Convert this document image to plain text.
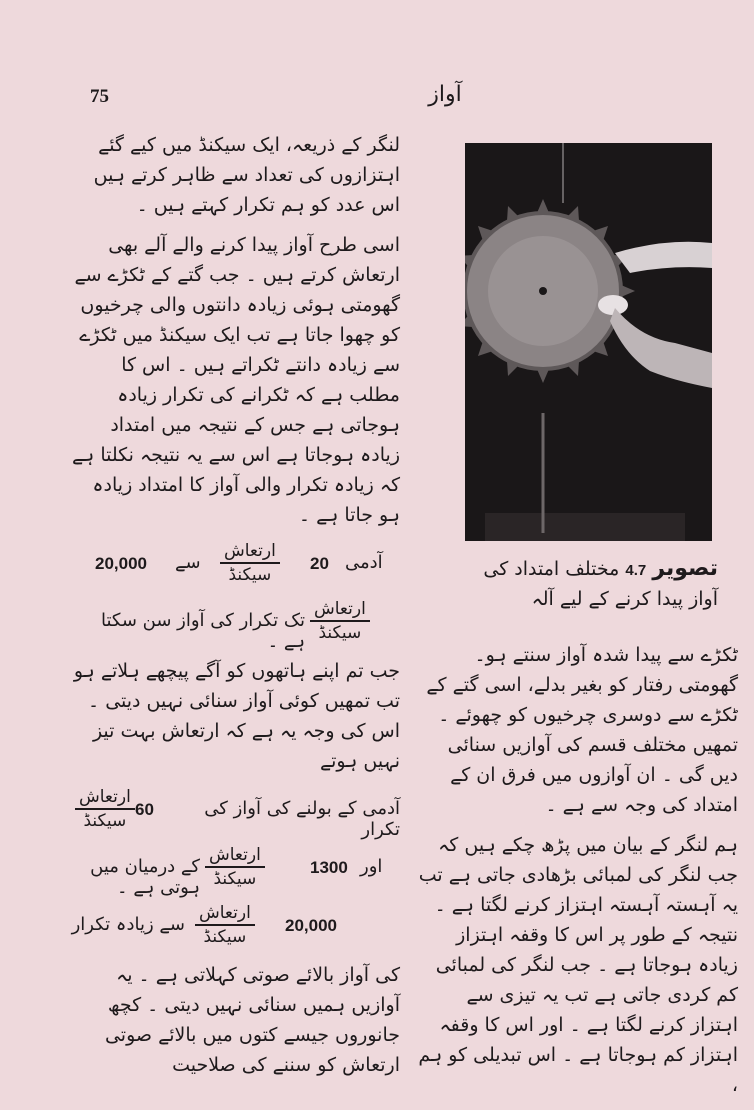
75	آواز

لنگر کے ذریعہ، ایک سیکنڈ میں کیے گئے اہتزازوں کی تعداد سے ظاہر کرتے ہیں اس عدد کو ہم تکرار کہتے ہیں ۔

اسی طرح آواز پیدا کرنے والے آلے بھی ارتعاش کرتے ہیں ۔ جب گتے کے ٹکڑے سے گھومتی ہوئی زیادہ دانتوں والی چرخیوں کو چھوا جاتا ہے تب ایک سیکنڈ میں ٹکڑے سے زیادہ دانتے ٹکراتے ہیں ۔ اس کا مطلب ہے کہ ٹکرانے کی تکرار زیادہ ہوجاتی ہے جس کے نتیجہ میں امتداد زیادہ ہوجاتا ہے اس سے یہ نتیجہ نکلتا ہے کہ زیادہ تکرار والی آواز کا امتداد زیادہ ہو جاتا ہے ۔

20,000 سے
ارتعاش
سیکنڈ
20 آدمی
تک تکرار کی آواز سن سکتا ہے ۔
ارتعاش
سیکنڈ

جب تم اپنے ہاتھوں کو آگے پیچھے ہلاتے ہو تب تمھیں کوئی آواز سنائی نہیں دیتی ۔ اس کی وجہ یہ ہے کہ ارتعاش بہت تیز نہیں ہوتے

ارتعاش
سیکنڈ
60	آدمی کے بولنے کی آواز کی تکرار
کے درمیان میں ہوتی ہے ۔
ارتعاش
سیکنڈ
1300 اور
سے زیادہ تکرار
ارتعاش
سیکنڈ
20,000

کی آواز بالائے صوتی کہلاتی ہے ۔ یہ آوازیں ہمیں سنائی نہیں دیتی ۔ کچھ جانوروں جیسے کتوں میں بالائے صوتی ارتعاش کو سننے کی صلاحیت

تصویر 4.7 مختلف امتداد کی آواز پیدا کرنے کے لیے آلہ

ٹکڑے سے پیدا شدہ آواز سنتے ہو۔ گھومتی رفتار کو بغیر بدلے، اسی گتے کے ٹکڑے سے دوسری چرخیوں کو چھوئے ۔ تمھیں مختلف قسم کی آوازیں سنائی دیں گی ۔ ان آوازوں میں فرق ان کے امتداد کی وجہ سے ہے ۔

ہم لنگر کے بیان میں پڑھ چکے ہیں کہ جب لنگر کی لمبائی بڑھادی جاتی ہے تب یہ آہستہ آہستہ اہتزاز کرنے لگتا ہے ۔ نتیجہ کے طور پر اس کا وقفہ اہتزاز زیادہ ہوجاتا ہے ۔ جب لنگر کی لمبائی کم کردی جاتی ہے تب یہ تیزی سے اہتزاز کرنے لگتا ہے ۔ اور اس کا وقفہ اہتزاز کم ہوجاتا ہے ۔ اس تبدیلی کو ہم ،
